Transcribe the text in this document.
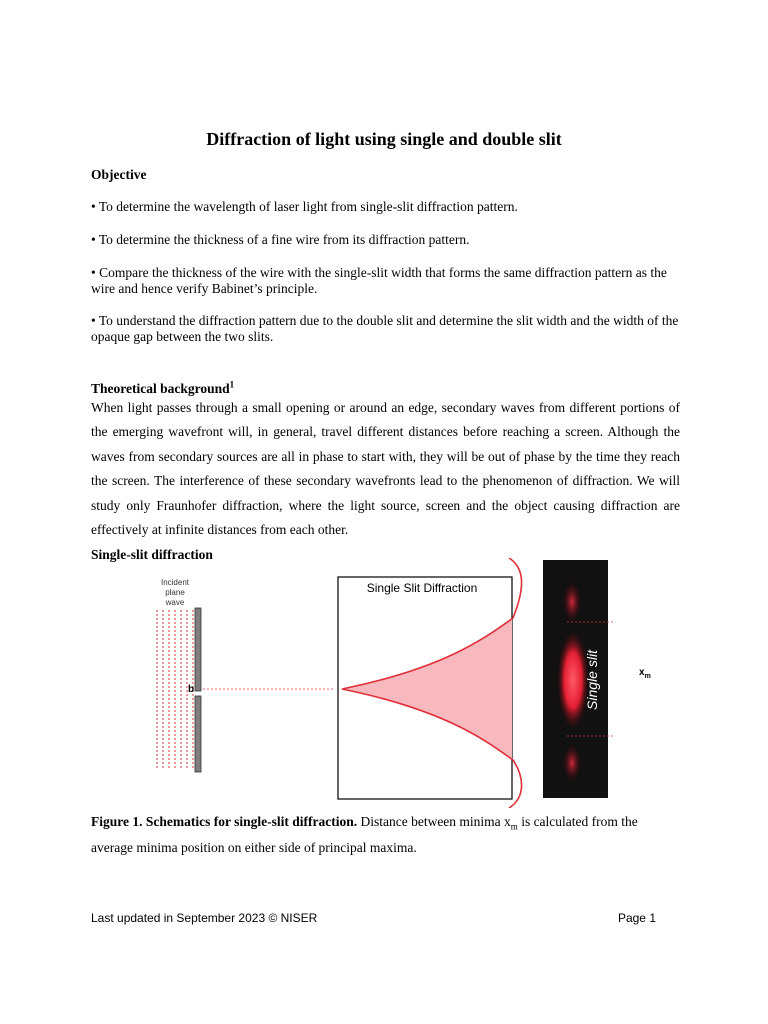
Diffraction of light using single and double slit
Objective
• To determine the wavelength of laser light from single-slit diffraction pattern.
• To determine the thickness of a fine wire from its diffraction pattern.
• Compare the thickness of the wire with the single-slit width that forms the same diffraction pattern as the wire and hence verify Babinet’s principle.
• To understand the diffraction pattern due to the double slit and determine the slit width and the width of the opaque gap between the two slits.
Theoretical background$^1$
When light passes through a small opening or around an edge, secondary waves from different portions of the emerging wavefront will, in general, travel different distances before reaching a screen. Although the waves from secondary sources are all in phase to start with, they will be out of phase by the time they reach the screen. The interference of these secondary wavefronts lead to the phenomenon of diffraction. We will study only Fraunhofer diffraction, where the light source, screen and the object causing diffraction are effectively at infinite distances from each other.
Single-slit diffraction
Incident
plane
wave
b
Single Slit Diffraction
Single slit	$x_m$
Figure 1. Schematics for single-slit diffraction. Distance between minima $x_m$ is calculated from the average minima position on either side of principal maxima.
Last updated in September 2023 © NISER	Page 1
